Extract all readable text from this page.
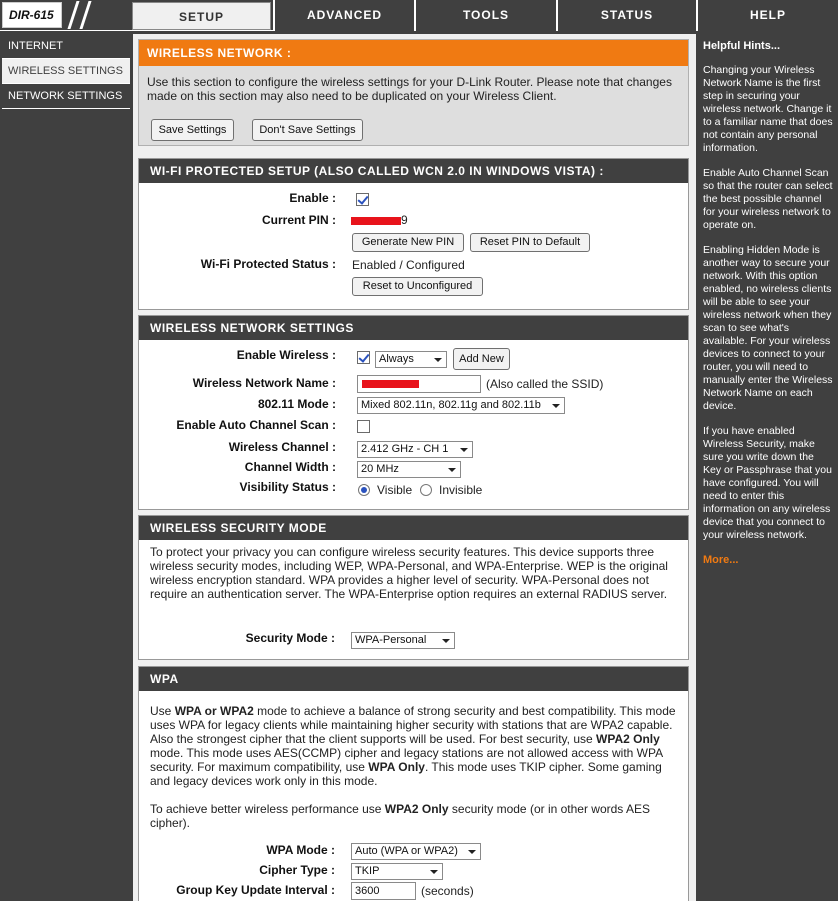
DIR-615	SETUP	ADVANCED	TOOLS	STATUS	HELP
INTERNET
WIRELESS SETTINGS
NETWORK SETTINGS
WIRELESS NETWORK :
Use this section to configure the wireless settings for your D-Link Router. Please note that changes made on this section may also need to be duplicated on your Wireless Client.
Save Settings	Don't Save Settings
WI-FI PROTECTED SETUP (ALSO CALLED WCN 2.0 IN WINDOWS VISTA) :
Enable :
Current PIN :	9
Generate New PIN	Reset PIN to Default
Wi-Fi Protected Status : Enabled / Configured
Reset to Unconfigured
WIRELESS NETWORK SETTINGS
Enable Wireless :	Always	Add New
Wireless Network Name :	(Also called the SSID)
802.11 Mode :	Mixed 802.11n, 802.11g and 802.11b
Enable Auto Channel Scan :
Wireless Channel :	2.412 GHz - CH 1
Channel Width :	20 MHz
Visibility Status :	Visible Invisible
WIRELESS SECURITY MODE
To protect your privacy you can configure wireless security features. This device supports three wireless security modes, including WEP, WPA-Personal, and WPA-Enterprise. WEP is the original wireless encryption standard. WPA provides a higher level of security. WPA-Personal does not require an authentication server. The WPA-Enterprise option requires an external RADIUS server.
Security Mode :	WPA-Personal
WPA
Use WPA or WPA2 mode to achieve a balance of strong security and best compatibility. This mode uses WPA for legacy clients while maintaining higher security with stations that are WPA2 capable. Also the strongest cipher that the client supports will be used. For best security, use WPA2 Only mode. This mode uses AES(CCMP) cipher and legacy stations are not allowed access with WPA security. For maximum compatibility, use WPA Only. This mode uses TKIP cipher. Some gaming and legacy devices work only in this mode.
To achieve better wireless performance use WPA2 Only security mode (or in other words AES cipher).
WPA Mode :	Auto (WPA or WPA2)
Cipher Type :	TKIP
Group Key Update Interval :	3600	(seconds)
Helpful Hints...

Changing your Wireless Network Name is the first step in securing your wireless network. Change it to a familiar name that does not contain any personal information.

Enable Auto Channel Scan so that the router can select the best possible channel for your wireless network to operate on.

Enabling Hidden Mode is another way to secure your network. With this option enabled, no wireless clients will be able to see your wireless network when they scan to see what's available. For your wireless devices to connect to your router, you will need to manually enter the Wireless Network Name on each device.

If you have enabled Wireless Security, make sure you write down the Key or Passphrase that you have configured. You will need to enter this information on any wireless device that you connect to your wireless network.

More...
